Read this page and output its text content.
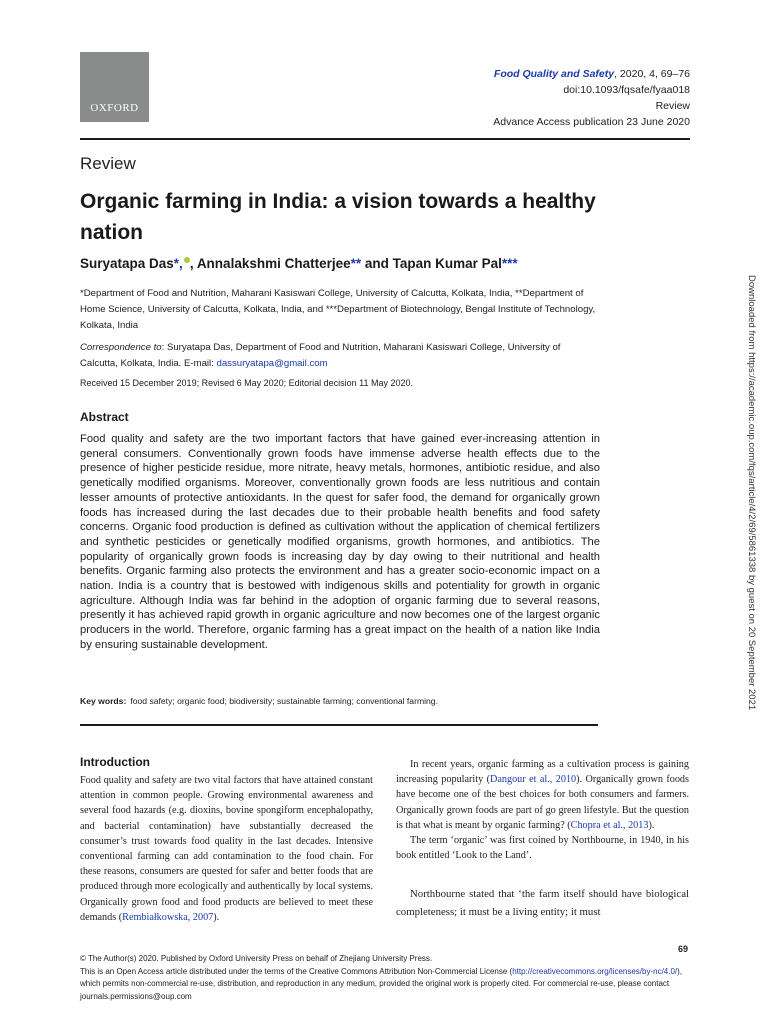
OXFORD
Food Quality and Safety, 2020, 4, 69–76
doi:10.1093/fqsafe/fyaa018
Review
Advance Access publication 23 June 2020
Review
Organic farming in India: a vision towards a healthy nation
Suryatapa Das*, , Annalakshmi Chatterjee** and Tapan Kumar Pal***
*Department of Food and Nutrition, Maharani Kasiswari College, University of Calcutta, Kolkata, India, **Department of Home Science, University of Calcutta, Kolkata, India, and ***Department of Biotechnology, Bengal Institute of Technology, Kolkata, India
Correspondence to: Suryatapa Das, Department of Food and Nutrition, Maharani Kasiswari College, University of Calcutta, Kolkata, India. E-mail: dassuryatapa@gmail.com
Received 15 December 2019; Revised 6 May 2020; Editorial decision 11 May 2020.
Abstract
Food quality and safety are the two important factors that have gained ever-increasing attention in general consumers. Conventionally grown foods have immense adverse health effects due to the presence of higher pesticide residue, more nitrate, heavy metals, hormones, antibiotic residue, and also genetically modified organisms. Moreover, conventionally grown foods are less nutritious and contain lesser amounts of protective antioxidants. In the quest for safer food, the demand for organically grown foods has increased during the last decades due to their probable health benefits and food safety concerns. Organic food production is defined as cultivation without the application of chemical fertilizers and synthetic pesticides or genetically modified organisms, growth hormones, and antibiotics. The popularity of organically grown foods is increasing day by day owing to their nutritional and health benefits. Organic farming also protects the environment and has a greater socio-economic impact on a nation. India is a country that is bestowed with indigenous skills and potentiality for growth in organic agriculture. Although India was far behind in the adoption of organic farming due to several reasons, presently it has achieved rapid growth in organic agriculture and now becomes one of the largest organic producers in the world. Therefore, organic farming has a great impact on the health of a nation like India by ensuring sustainable development.
Key words: food safety; organic food; biodiversity; sustainable farming; conventional farming.	Downloaded from https://academic.oup.com/fqs/article/4/2/69/5861338 by guest on 20 September 2021
Introduction
Food quality and safety are two vital factors that have attained constant attention in common people. Growing environmental awareness and several food hazards (e.g. dioxins, bovine spongiform encephalopathy, and bacterial contamination) have substantially decreased the consumer’s trust towards food quality in the last decades. Intensive conventional farming can add contamination to the food chain. For these reasons, consumers are quested for safer and better foods that are produced through more ecologically and authentically by local systems. Organically grown food and food products are believed to meet these demands (Rembiałkowska, 2007).

In recent years, organic farming as a cultivation process is gaining increasing popularity (Dangour et al., 2010). Organically grown foods have become one of the best choices for both consumers and farmers. Organically grown foods are part of go green lifestyle. But the question is that what is meant by organic farming? (Chopra et al., 2013).

The term ‘organic’ was first coined by Northbourne, in 1940, in his book entitled ‘Look to the Land’.

Northbourne stated that ‘the farm itself should have biological completeness; it must be a living entity; it must

69
© The Author(s) 2020. Published by Oxford University Press on behalf of Zhejiang University Press.
This is an Open Access article distributed under the terms of the Creative Commons Attribution Non-Commercial License (http://creativecommons.org/licenses/by-nc/4.0/), which permits non-commercial re-use, distribution, and reproduction in any medium, provided the original work is properly cited. For commercial re-use, please contact journals.permissions@oup.com
